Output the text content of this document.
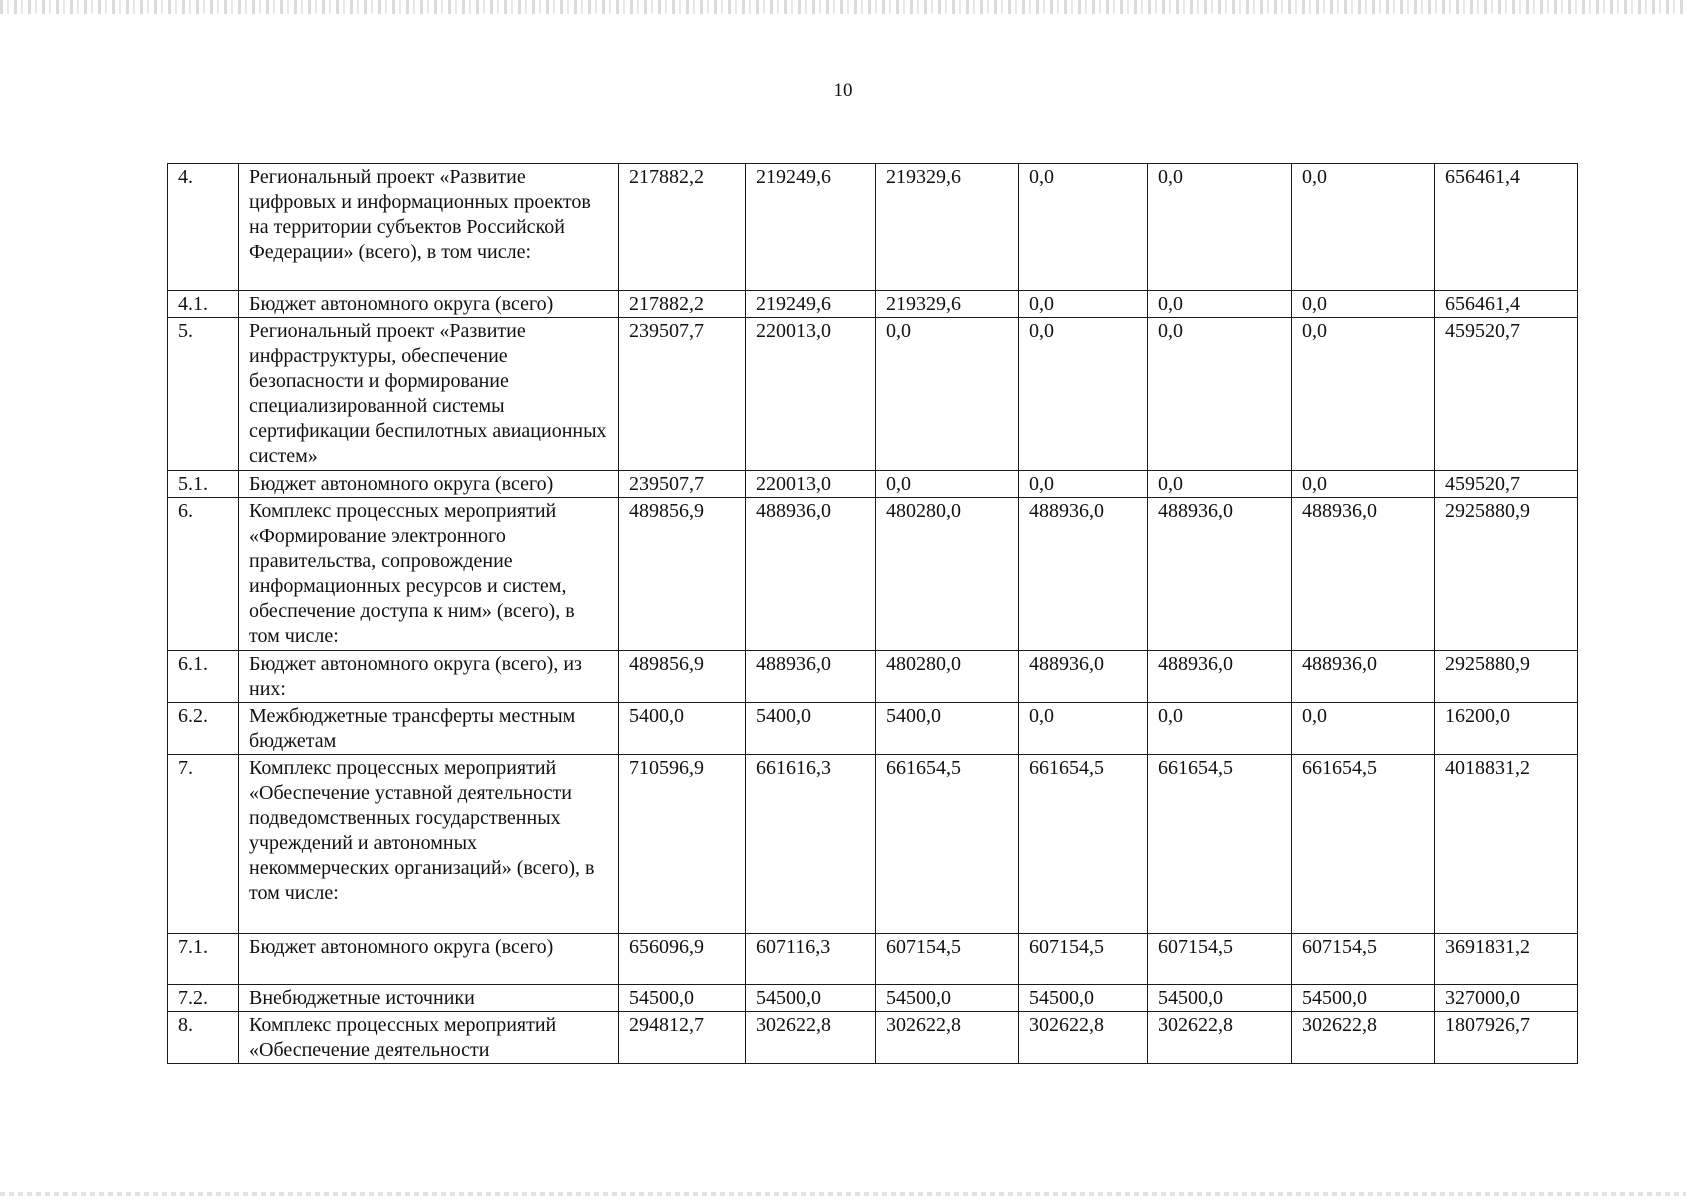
10
4.	Региональный проект «Развитие цифровых и информационных проектов на территории субъектов Российской Федерации» (всего), в том числе:	217882,2	219249,6	219329,6	0,0	0,0	0,0	656461,4
4.1.	Бюджет автономного округа (всего)	217882,2	219249,6	219329,6	0,0	0,0	0,0	656461,4
5.	Региональный проект «Развитие инфраструктуры, обеспечение безопасности и формирование специализированной системы сертификации беспилотных авиационных систем»	239507,7	220013,0	0,0	0,0	0,0	0,0	459520,7
5.1.	Бюджет автономного округа (всего)	239507,7	220013,0	0,0	0,0	0,0	0,0	459520,7
6.	Комплекс процессных мероприятий «Формирование электронного правительства, сопровождение информационных ресурсов и систем, обеспечение доступа к ним» (всего), в том числе:	489856,9	488936,0	480280,0	488936,0	488936,0	488936,0	2925880,9
6.1.	Бюджет автономного округа (всего), из них:	489856,9	488936,0	480280,0	488936,0	488936,0	488936,0	2925880,9
6.2.	Межбюджетные трансферты местным бюджетам	5400,0	5400,0	5400,0	0,0	0,0	0,0	16200,0
7.	Комплекс процессных мероприятий «Обеспечение уставной деятельности подведомственных государственных учреждений и автономных некоммерческих организаций» (всего), в том числе:	710596,9	661616,3	661654,5	661654,5	661654,5	661654,5	4018831,2
7.1.	Бюджет автономного округа (всего)	656096,9	607116,3	607154,5	607154,5	607154,5	607154,5	3691831,2
7.2.	Внебюджетные источники	54500,0	54500,0	54500,0	54500,0	54500,0	54500,0	327000,0
8.	Комплекс процессных мероприятий «Обеспечение деятельности	294812,7	302622,8	302622,8	302622,8	302622,8	302622,8	1807926,7
